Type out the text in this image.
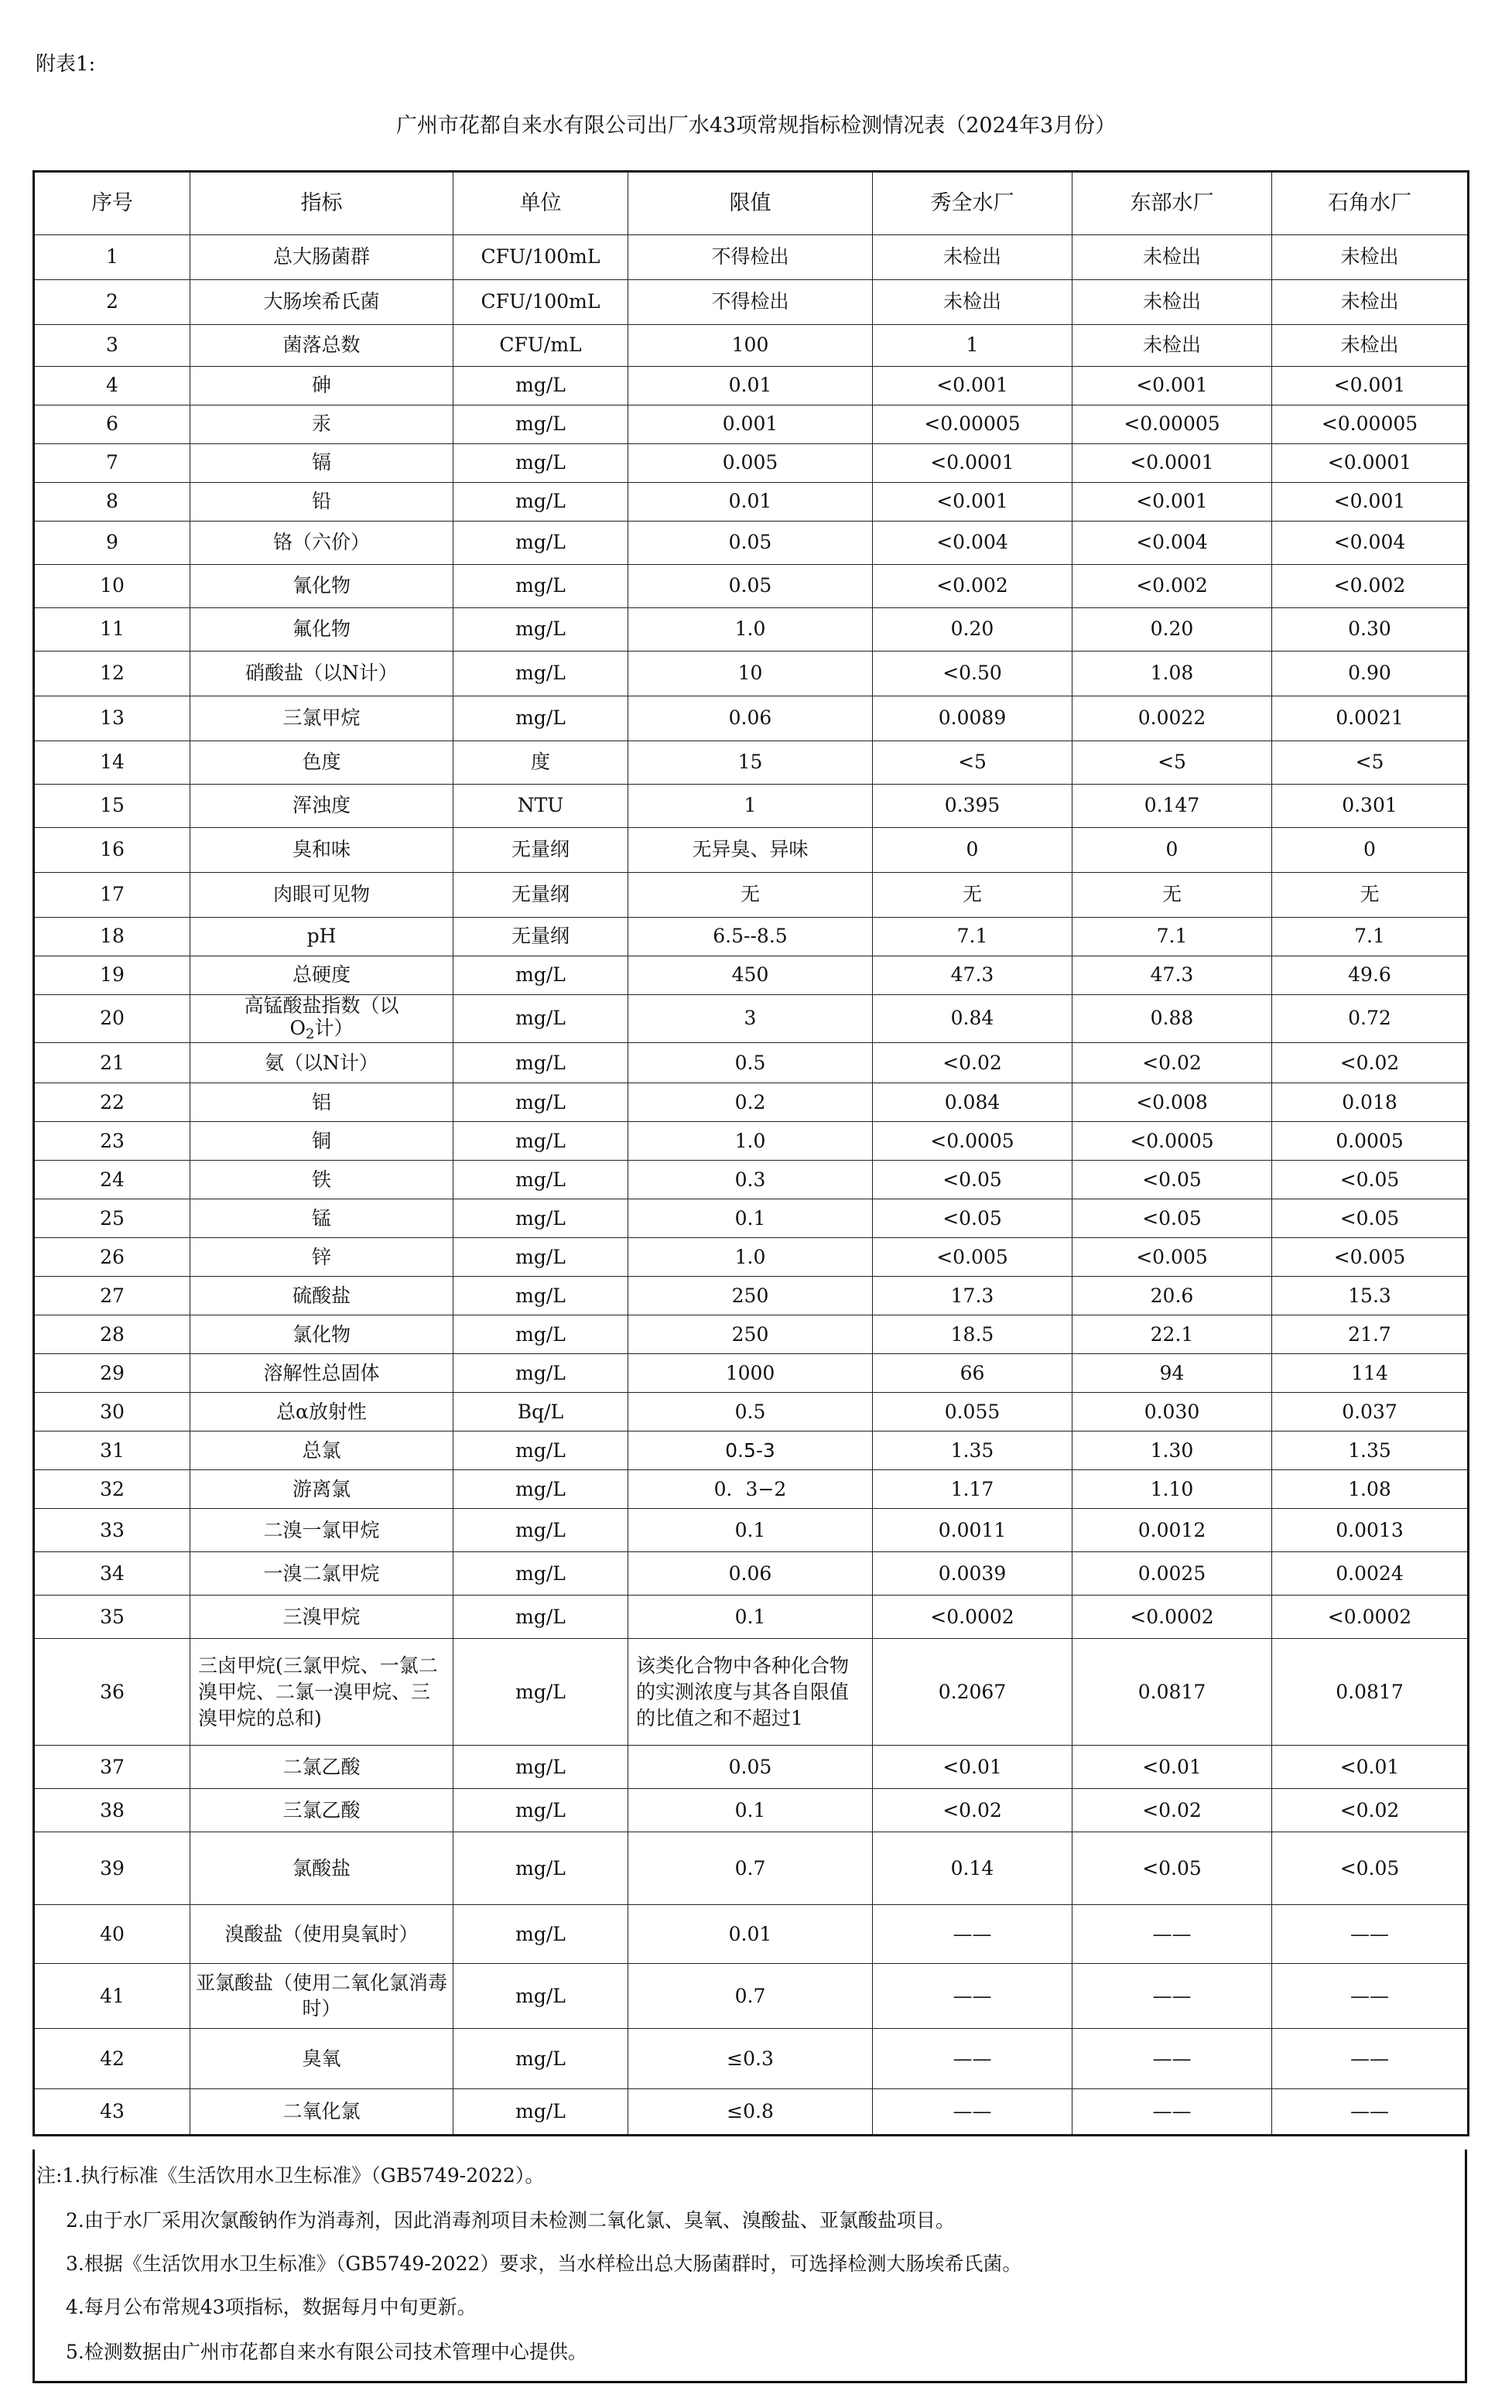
附表1:
广州市花都自来水有限公司出厂水43项常规指标检测情况表（2024年3月份）
序号	指标	单位	限值	秀全水厂	东部水厂	石角水厂
1	总大肠菌群	CFU/100mL	不得检出	未检出	未检出	未检出
2	大肠埃希氏菌	CFU/100mL	不得检出	未检出	未检出	未检出
3	菌落总数	CFU/mL	100	1	未检出	未检出
4	砷	mg/L	0.01	<0.001	<0.001	<0.001
6	汞	mg/L	0.001	<0.00005	<0.00005	<0.00005
7	镉	mg/L	0.005	<0.0001	<0.0001	<0.0001
8	铅	mg/L	0.01	<0.001	<0.001	<0.001
9	铬（六价）	mg/L	0.05	<0.004	<0.004	<0.004
10	氰化物	mg/L	0.05	<0.002	<0.002	<0.002
11	氟化物	mg/L	1.0	0.20	0.20	0.30
12	硝酸盐（以N计）	mg/L	10	<0.50	1.08	0.90
13	三氯甲烷	mg/L	0.06	0.0089	0.0022	0.0021
14	色度	度	15	<5	<5	<5
15	浑浊度	NTU	1	0.395	0.147	0.301
16	臭和味	无量纲	无异臭、异味	0	0	0
17	肉眼可见物	无量纲	无	无	无	无
18	pH	无量纲	6.5--8.5	7.1	7.1	7.1
19	总硬度	mg/L	450	47.3	47.3	49.6
20	高锰酸盐指数（以
$O_2$计）	mg/L	3	0.84	0.88	0.72
21	氨（以N计）	mg/L	0.5	<0.02	<0.02	<0.02
22	铝	mg/L	0.2	0.084	<0.008	0.018
23	铜	mg/L	1.0	<0.0005	<0.0005	0.0005
24	铁	mg/L	0.3	<0.05	<0.05	<0.05
25	锰	mg/L	0.1	<0.05	<0.05	<0.05
26	锌	mg/L	1.0	<0.005	<0.005	<0.005
27	硫酸盐	mg/L	250	17.3	20.6	15.3
28	氯化物	mg/L	250	18.5	22.1	21.7
29	溶解性总固体	mg/L	1000	66	94	114
30	总α放射性	Bq/L	0.5	0.055	0.030	0.037
31	总氯	mg/L	0.5-3	1.35	1.30	1.35
32	游离氯	mg/L	0．3−2	1.17	1.10	1.08
33	二溴一氯甲烷	mg/L	0.1	0.0011	0.0012	0.0013
34	一溴二氯甲烷	mg/L	0.06	0.0039	0.0025	0.0024
35	三溴甲烷	mg/L	0.1	<0.0002	<0.0002	<0.0002
36	三卤甲烷(三氯甲烷、一氯二溴甲烷、二氯一溴甲烷、三溴甲烷的总和)	mg/L	该类化合物中各种化合物的实测浓度与其各自限值的比值之和不超过1	0.2067	0.0817	0.0817
37	二氯乙酸	mg/L	0.05	<0.01	<0.01	<0.01
38	三氯乙酸	mg/L	0.1	<0.02	<0.02	<0.02
39	氯酸盐	mg/L	0.7	0.14	<0.05	<0.05
40	溴酸盐（使用臭氧时）	mg/L	0.01	——	——	——
41	亚氯酸盐（使用二氧化氯消毒时）	mg/L	0.7	——	——	——
42	臭氧	mg/L	≤0.3	——	——	——
43	二氧化氯	mg/L	≤0.8	——	——	——
注:1.执行标准《生活饮用水卫生标准》（GB5749-2022）。
2.由于水厂采用次氯酸钠作为消毒剂，因此消毒剂项目未检测二氧化氯、臭氧、溴酸盐、亚氯酸盐项目。
3.根据《生活饮用水卫生标准》（GB5749-2022）要求，当水样检出总大肠菌群时，可选择检测大肠埃希氏菌。
4.每月公布常规43项指标，数据每月中旬更新。
5.检测数据由广州市花都自来水有限公司技术管理中心提供。
